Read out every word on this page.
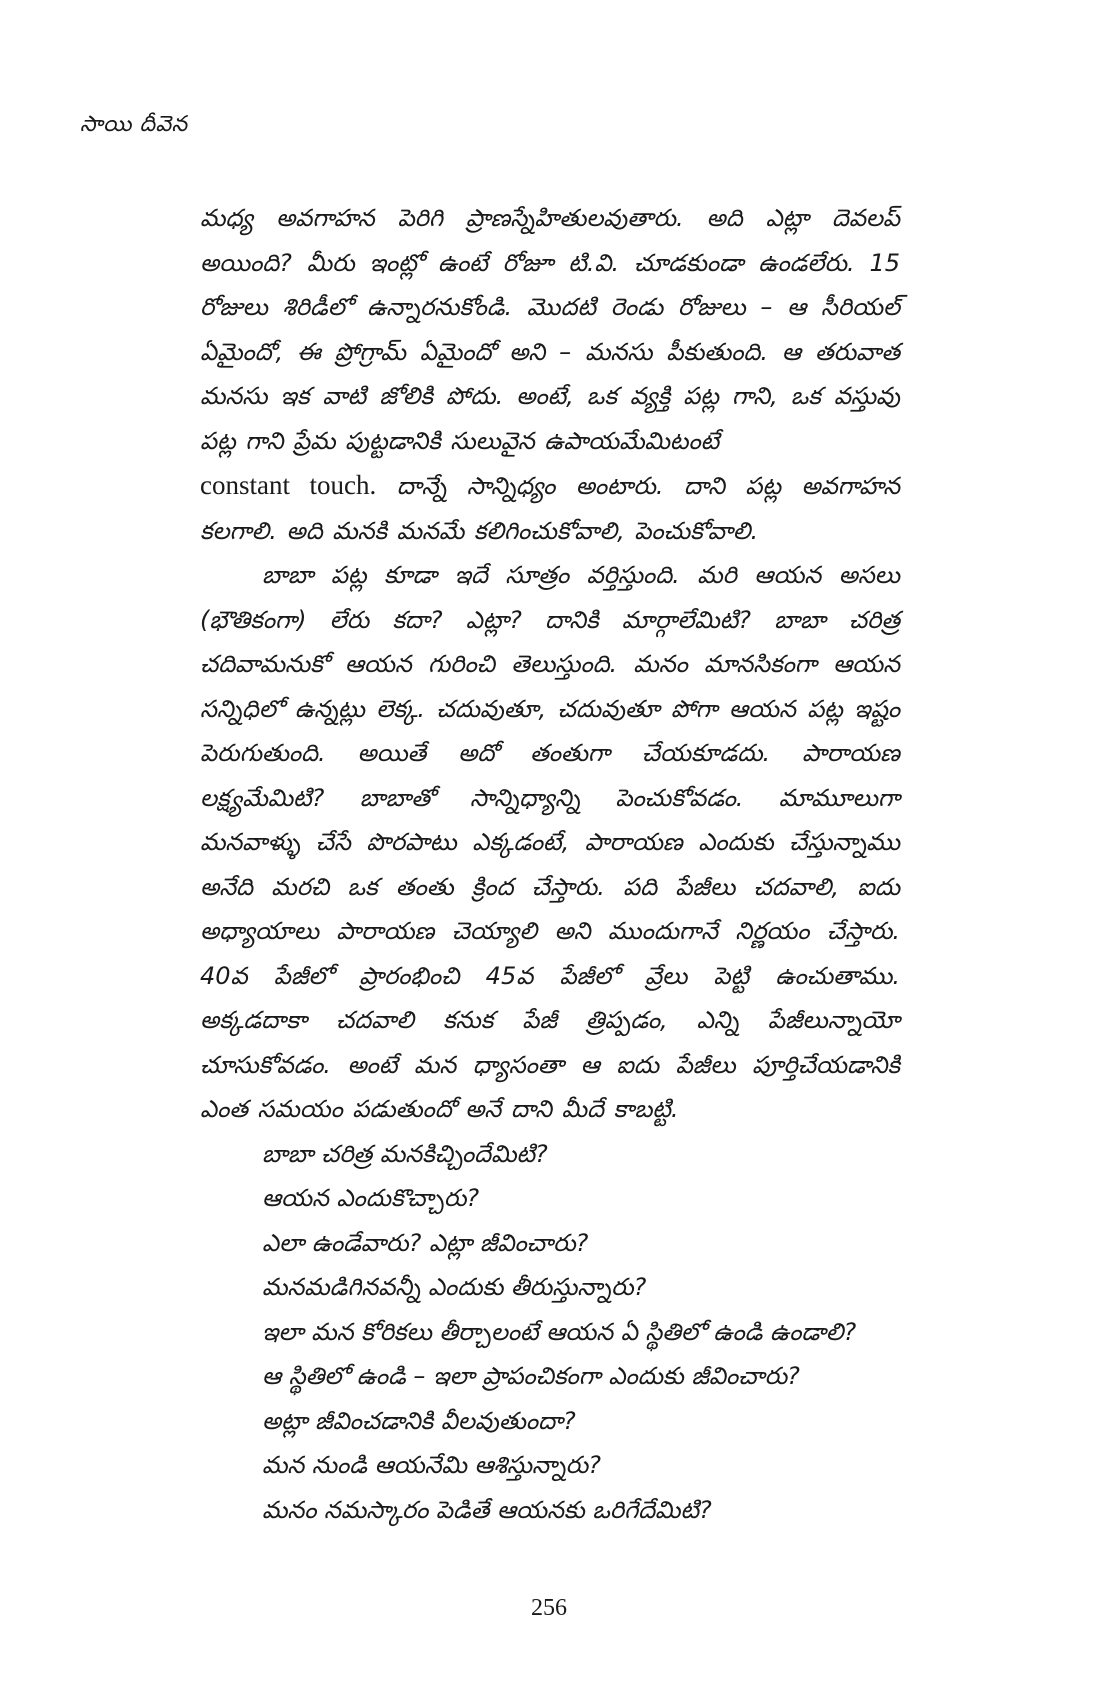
సాయి దీవెన

మధ్య అవగాహన పెరిగి ప్రాణస్నేహితులవుతారు. అది ఎట్లా దెవలప్ అయింది? మీరు ఇంట్లో ఉంటే రోజూ టి.వి. చూడకుండా ఉండలేరు. 15 రోజులు శిరిడీలో ఉన్నారనుకోండి. మొదటి రెండు రోజులు – ఆ సీరియల్ ఏమైందో, ఈ ప్రోగ్రామ్ ఏమైందో అని – మనసు పీకుతుంది. ఆ తరువాత మనసు ఇక వాటి జోలికి పోదు. అంటే, ఒక వ్యక్తి పట్ల గాని, ఒక వస్తువు పట్ల గాని ప్రేమ పుట్టడానికి సులువైన ఉపాయమేమిటంటే
constant touch. దాన్నే సాన్నిధ్యం అంటారు. దాని పట్ల అవగాహన కలగాలి. అది మనకి మనమే కలిగించుకోవాలి, పెంచుకోవాలి.

బాబా పట్ల కూడా ఇదే సూత్రం వర్తిస్తుంది. మరి ఆయన అసలు (భౌతికంగా) లేరు కదా? ఎట్లా? దానికి మార్గాలేమిటి? బాబా చరిత్ర చదివామనుకో ఆయన గురించి తెలుస్తుంది. మనం మానసికంగా ఆయన సన్నిధిలో ఉన్నట్లు లెక్క. చదువుతూ, చదువుతూ పోగా ఆయన పట్ల ఇష్టం పెరుగుతుంది. అయితే అదో తంతుగా చేయకూడదు. పారాయణ లక్ష్యమేమిటి? బాబాతో సాన్నిధ్యాన్ని పెంచుకోవడం. మామూలుగా మనవాళ్ళు చేసే పొరపాటు ఎక్కడంటే, పారాయణ ఎందుకు చేస్తున్నాము అనేది మరచి ఒక తంతు క్రింద చేస్తారు. పది పేజీలు చదవాలి, ఐదు అధ్యాయాలు పారాయణ చెయ్యాలి అని ముందుగానే నిర్ణయం చేస్తారు. 40వ పేజీలో ప్రారంభించి 45వ పేజీలో వ్రేలు పెట్టి ఉంచుతాము. అక్కడదాకా చదవాలి కనుక పేజీ త్రిప్పడం, ఎన్ని పేజీలున్నాయో చూసుకోవడం. అంటే మన ధ్యాసంతా ఆ ఐదు పేజీలు పూర్తిచేయడానికి ఎంత సమయం పడుతుందో అనే దాని మీదే కాబట్టి.

బాబా చరిత్ర మనకిచ్చిందేమిటి?
ఆయన ఎందుకొచ్చారు?
ఎలా ఉండేవారు? ఎట్లా జీవించారు?
మనమడిగినవన్నీ ఎందుకు తీరుస్తున్నారు?
ఇలా మన కోరికలు తీర్చాలంటే ఆయన ఏ స్థితిలో ఉండి ఉండాలి?
ఆ స్థితిలో ఉండి – ఇలా ప్రాపంచికంగా ఎందుకు జీవించారు?
అట్లా జీవించడానికి వీలవుతుందా?
మన నుండి ఆయనేమి ఆశిస్తున్నారు?
మనం నమస్కారం పెడితే ఆయనకు ఒరిగేదేమిటి?
256
